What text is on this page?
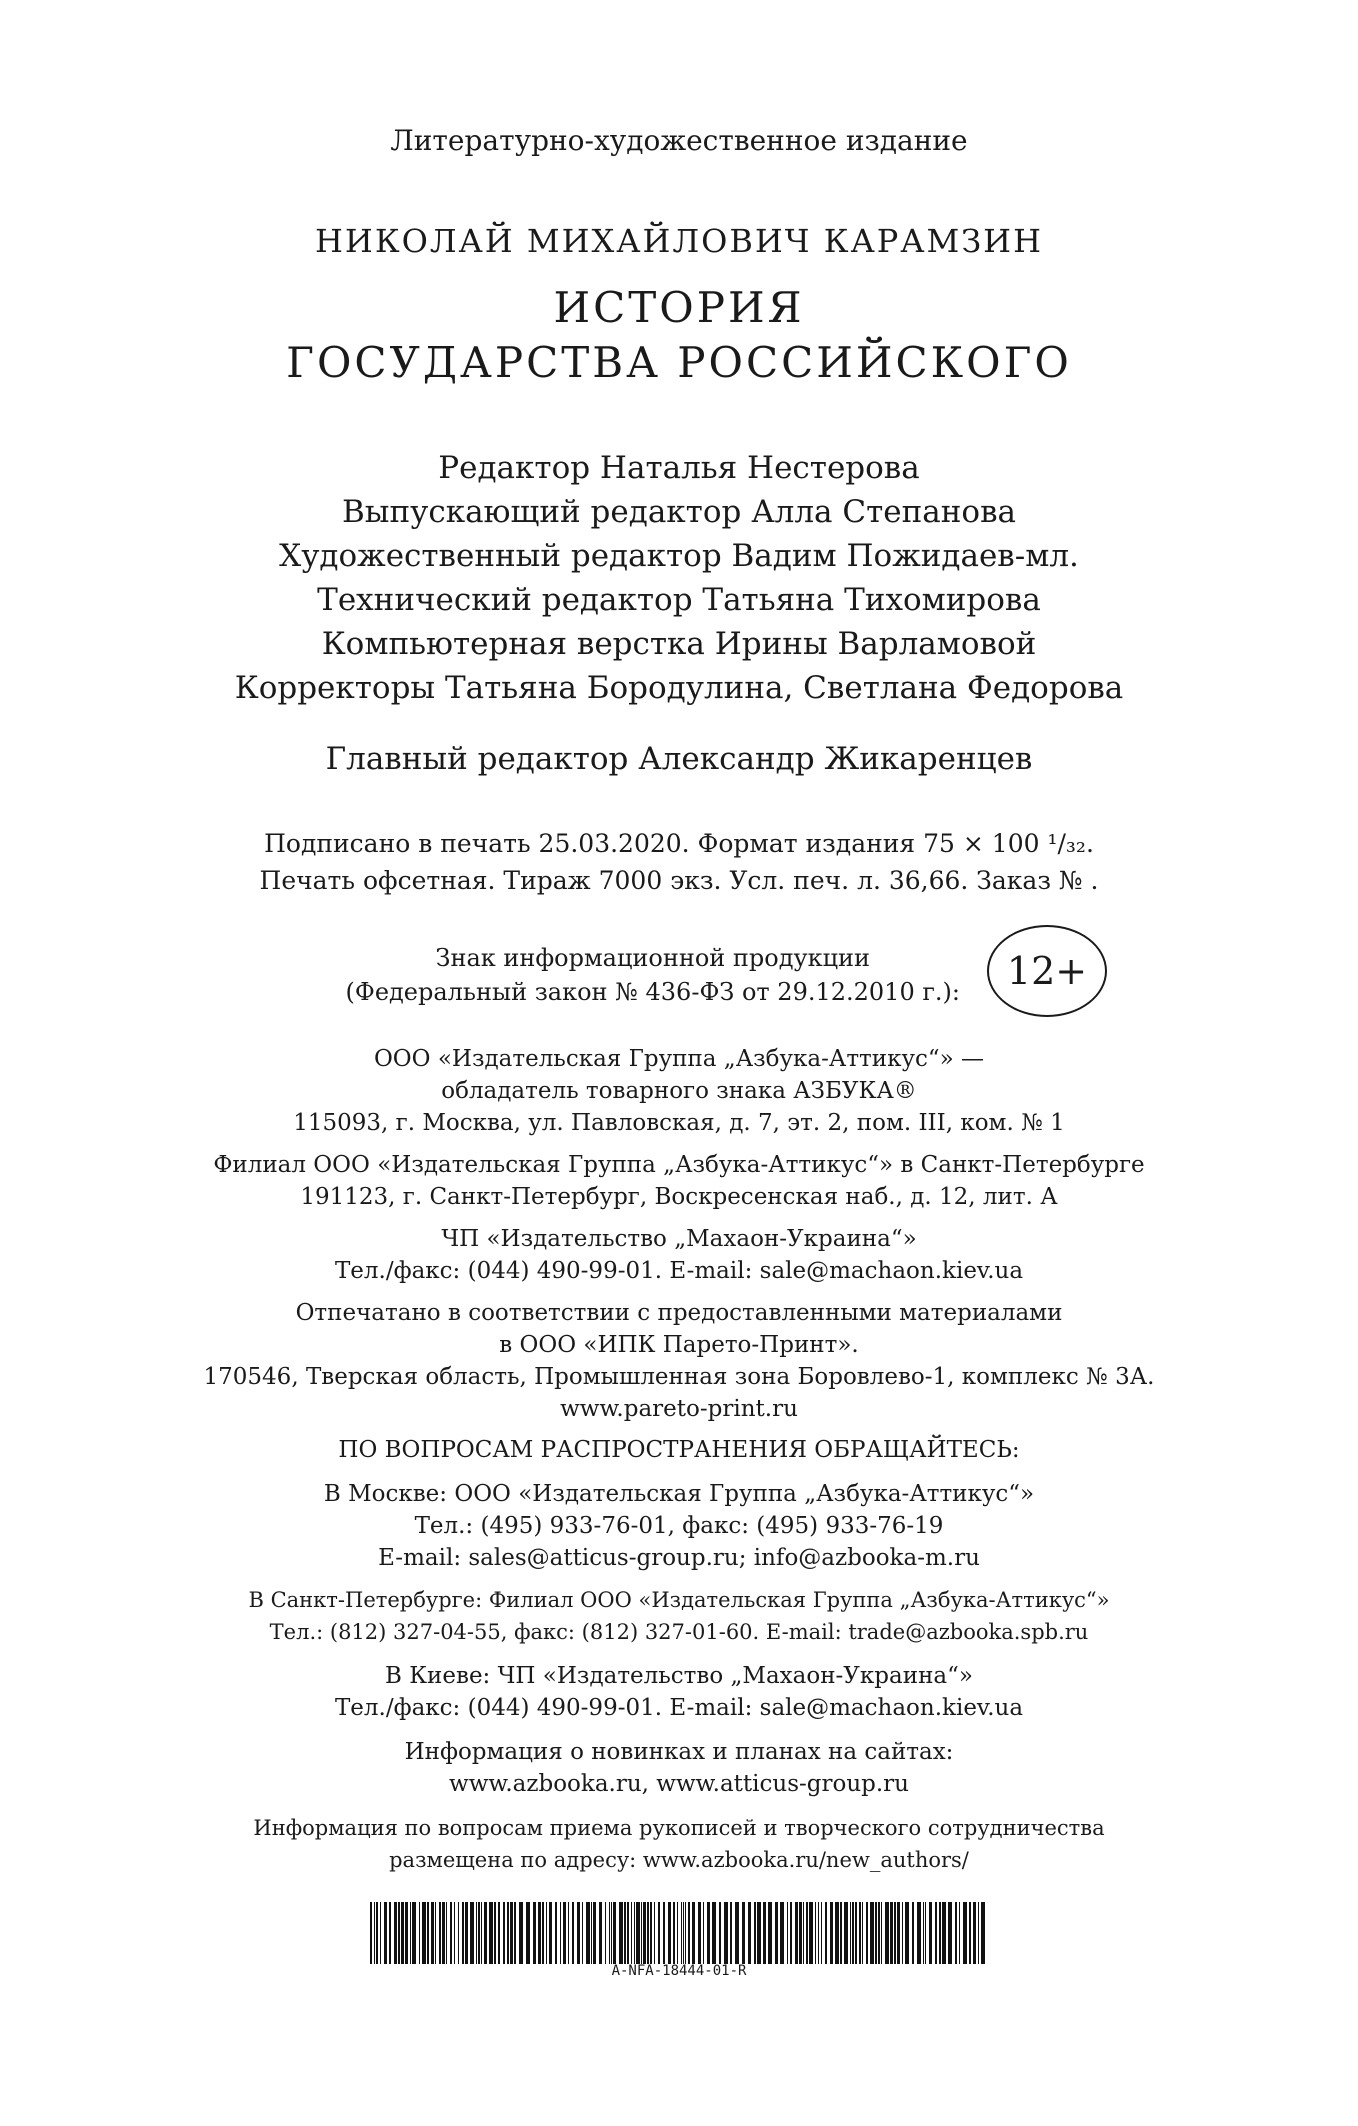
Литературно-художественное издание
НИКОЛАЙ МИХАЙЛОВИЧ КАРАМЗИН
ИСТОРИЯ
ГОСУДАРСТВА РОССИЙСКОГО
Редактор Наталья Нестерова
Выпускающий редактор Алла Степанова
Художественный редактор Вадим Пожидаев-мл.
Технический редактор Татьяна Тихомирова
Компьютерная верстка Ирины Варламовой
Корректоры Татьяна Бородулина, Светлана Федорова
Главный редактор Александр Жикаренцев
Подписано в печать 25.03.2020. Формат издания 75 × 100 ¹/₃₂.
Печать офсетная. Тираж 7000 экз. Усл. печ. л. 36,66. Заказ № .
Знак информационной продукции
(Федеральный закон № 436-ФЗ от 29.12.2010 г.):	12+
ООО «Издательская Группа „Азбука-Аттикус“» —
обладатель товарного знака АЗБУКА®
115093, г. Москва, ул. Павловская, д. 7, эт. 2, пом. III, ком. № 1
Филиал ООО «Издательская Группа „Азбука-Аттикус“» в Санкт-Петербурге
191123, г. Санкт-Петербург, Воскресенская наб., д. 12, лит. А
ЧП «Издательство „Махаон-Украина“»
Тел./факс: (044) 490-99-01. E-mail: sale@machaon.kiev.ua
Отпечатано в соответствии с предоставленными материалами
в ООО «ИПК Парето-Принт».
170546, Тверская область, Промышленная зона Боровлево-1, комплекс № 3А.
www.pareto-print.ru
ПО ВОПРОСАМ РАСПРОСТРАНЕНИЯ ОБРАЩАЙТЕСЬ:
В Москве: ООО «Издательская Группа „Азбука-Аттикус“»
Тел.: (495) 933-76-01, факс: (495) 933-76-19
E-mail: sales@atticus-group.ru; info@azbooka-m.ru
В Санкт-Петербурге: Филиал ООО «Издательская Группа „Азбука-Аттикус“»
Тел.: (812) 327-04-55, факс: (812) 327-01-60. E-mail: trade@azbooka.spb.ru
В Киеве: ЧП «Издательство „Махаон-Украина“»
Тел./факс: (044) 490-99-01. E-mail: sale@machaon.kiev.ua
Информация о новинках и планах на сайтах:
www.azbooka.ru, www.atticus-group.ru
Информация по вопросам приема рукописей и творческого сотрудничества
размещена по адресу: www.azbooka.ru/new_authors/
A-NFA-18444-01-R
